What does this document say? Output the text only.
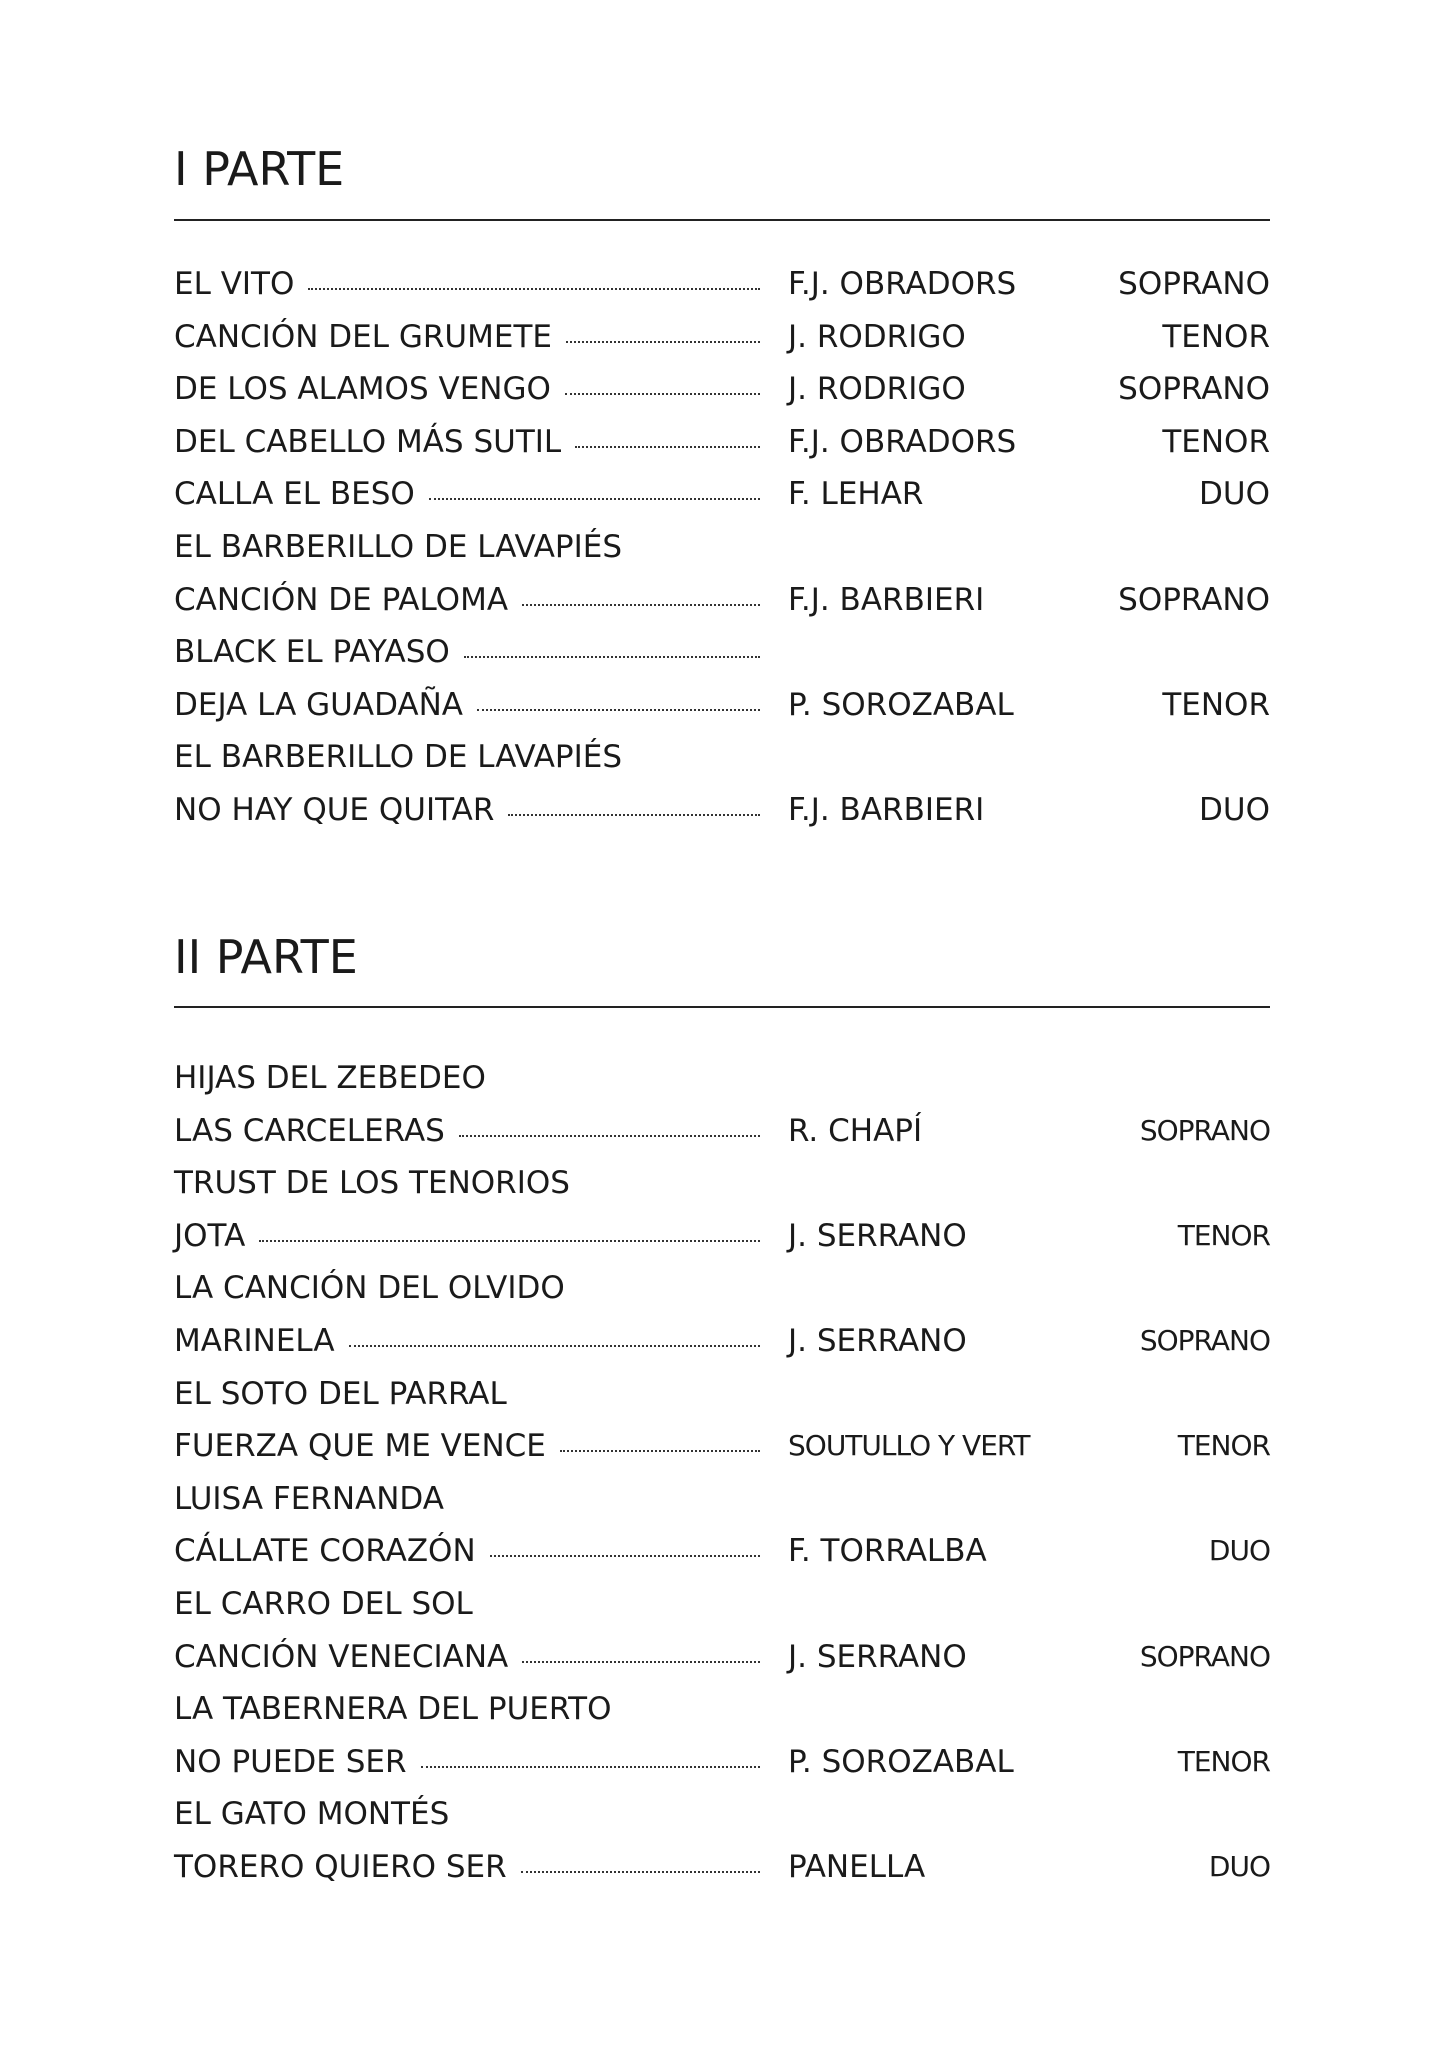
I PARTE
EL VITO	F.J. OBRADORS	SOPRANO
CANCIÓN DEL GRUMETE	J. RODRIGO	TENOR
DE LOS ALAMOS VENGO	J. RODRIGO	SOPRANO
DEL CABELLO MÁS SUTIL	F.J. OBRADORS	TENOR
CALLA EL BESO	F. LEHAR	DUO
EL BARBERILLO DE LAVAPIÉS
CANCIÓN DE PALOMA	F.J. BARBIERI	SOPRANO
BLACK EL PAYASO
DEJA LA GUADAÑA	P. SOROZABAL	TENOR
EL BARBERILLO DE LAVAPIÉS
NO HAY QUE QUITAR	F.J. BARBIERI	DUO
II PARTE
HIJAS DEL ZEBEDEO
LAS CARCELERAS	R. CHAPÍ	SOPRANO
TRUST DE LOS TENORIOS
JOTA	J. SERRANO	TENOR
LA CANCIÓN DEL OLVIDO
MARINELA	J. SERRANO	SOPRANO
EL SOTO DEL PARRAL
FUERZA QUE ME VENCE	SOUTULLO Y VERT	TENOR
LUISA FERNANDA
CÁLLATE CORAZÓN	F. TORRALBA	DUO
EL CARRO DEL SOL
CANCIÓN VENECIANA	J. SERRANO	SOPRANO
LA TABERNERA DEL PUERTO
NO PUEDE SER	P. SOROZABAL	TENOR
EL GATO MONTÉS
TORERO QUIERO SER	PANELLA	DUO
